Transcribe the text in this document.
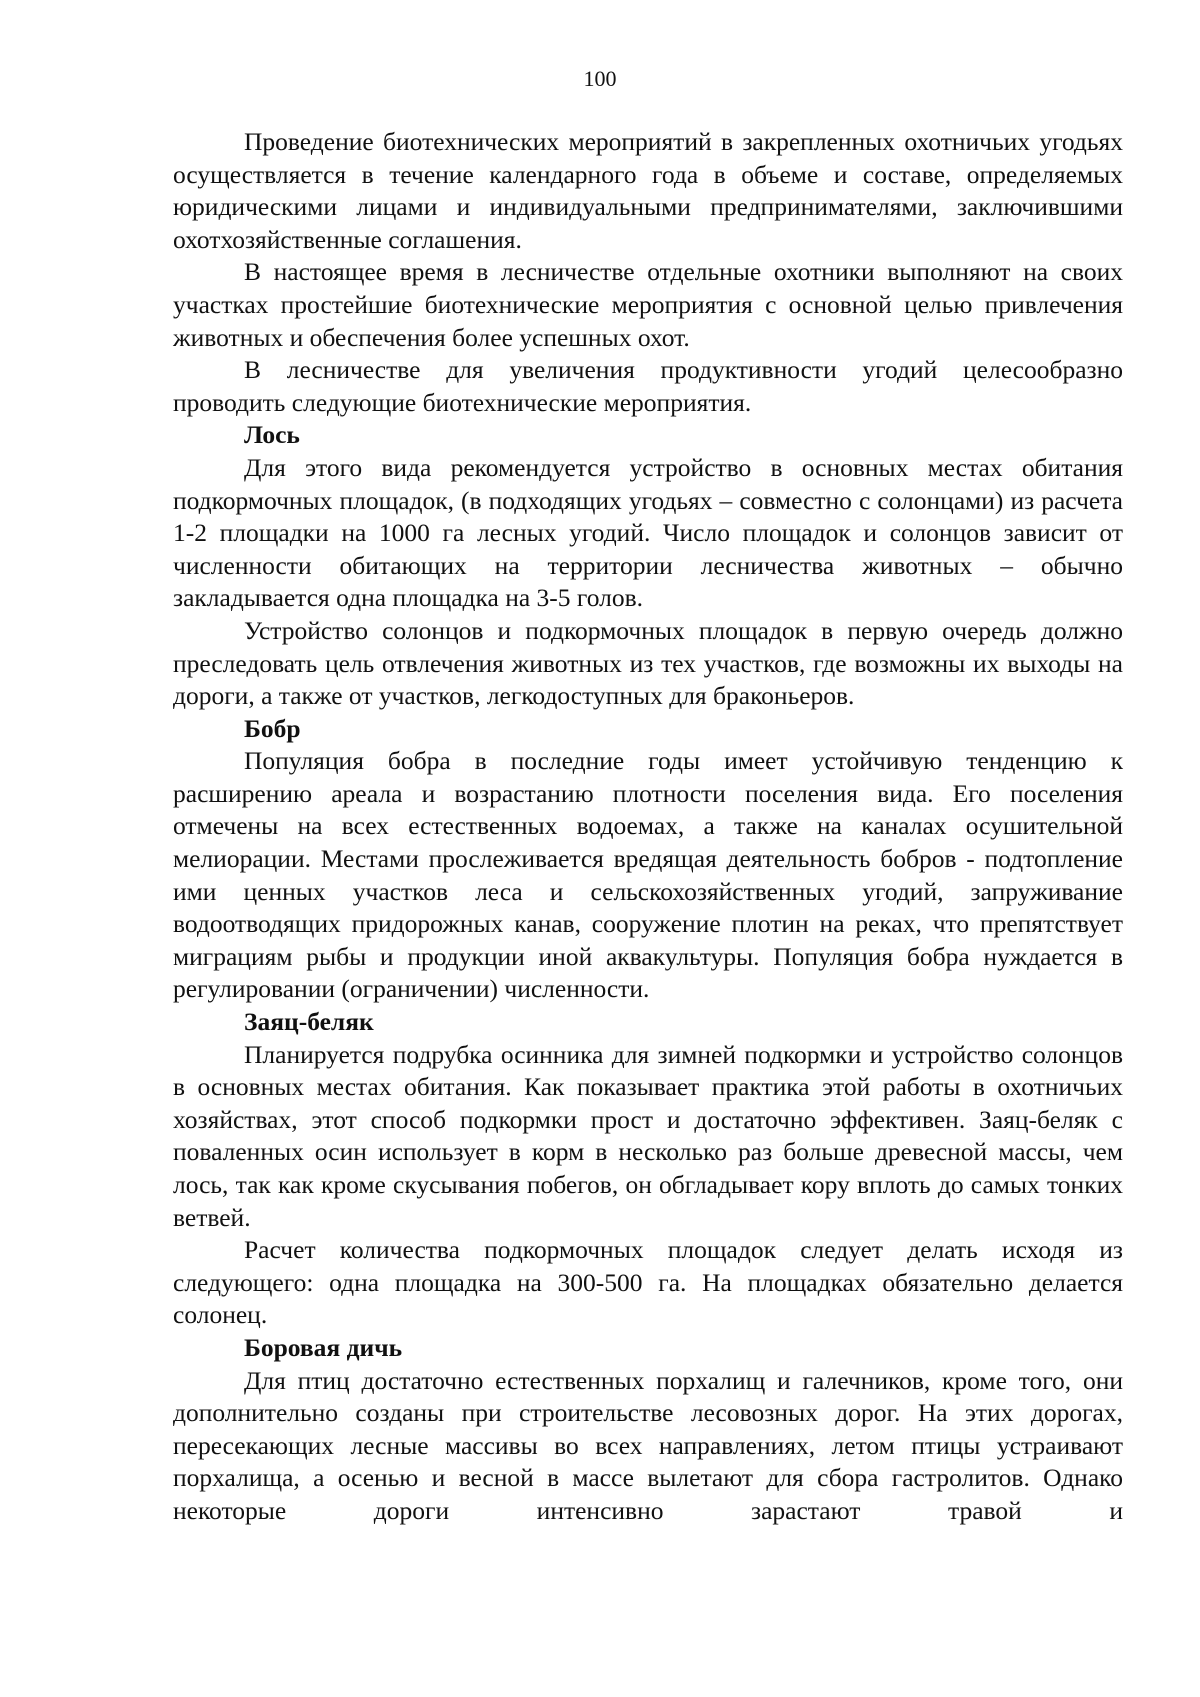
100

Проведение биотехнических мероприятий в закрепленных охотничьих угодьях осуществляется в течение календарного года в объеме и составе, определяемых юридическими лицами и индивидуальными предпринимателями, заключившими охотхозяйственные соглашения.

В настоящее время в лесничестве отдельные охотники выполняют на своих участках простейшие биотехнические мероприятия с основной целью привлечения животных и обеспечения более успешных охот.

В лесничестве для увеличения продуктивности угодий целесообразно проводить следующие биотехнические мероприятия.

Лось

Для этого вида рекомендуется устройство в основных местах обитания подкормочных площадок, (в подходящих угодьях – совместно с солонцами) из расчета 1-2 площадки на 1000 га лесных угодий. Число площадок и солонцов зависит от численности обитающих на территории лесничества животных – обычно закладывается одна площадка на 3-5 голов.

Устройство солонцов и подкормочных площадок в первую очередь должно преследовать цель отвлечения животных из тех участков, где возможны их выходы на дороги, а также от участков, легкодоступных для браконьеров.

Бобр

Популяция бобра в последние годы имеет устойчивую тенденцию к расширению ареала и возрастанию плотности поселения вида. Его поселения отмечены на всех естественных водоемах, а также на каналах осушительной мелиорации. Местами прослеживается вредящая деятельность бобров - подтопление ими ценных участков леса и сельскохозяйственных угодий, запруживание водоотводящих придорожных канав, сооружение плотин на реках, что препятствует миграциям рыбы и продукции иной аквакультуры. Популяция бобра нуждается в регулировании (ограничении) численности.

Заяц-беляк

Планируется подрубка осинника для зимней подкормки и устройство солонцов в основных местах обитания. Как показывает практика этой работы в охотничьих хозяйствах, этот способ подкормки прост и достаточно эффективен. Заяц-беляк с поваленных осин использует в корм в несколько раз больше древесной массы, чем лось, так как кроме скусывания побегов, он обгладывает кору вплоть до самых тонких ветвей.

Расчет количества подкормочных площадок следует делать исходя из следующего: одна площадка на 300-500 га. На площадках обязательно делается солонец.

Боровая дичь

Для птиц достаточно естественных порхалищ и галечников, кроме того, они дополнительно созданы при строительстве лесовозных дорог. На этих дорогах, пересекающих лесные массивы во всех направлениях, летом птицы устраивают порхалища, а осенью и весной в массе вылетают для сбора гастролитов. Однако некоторые дороги интенсивно зарастают травой и
